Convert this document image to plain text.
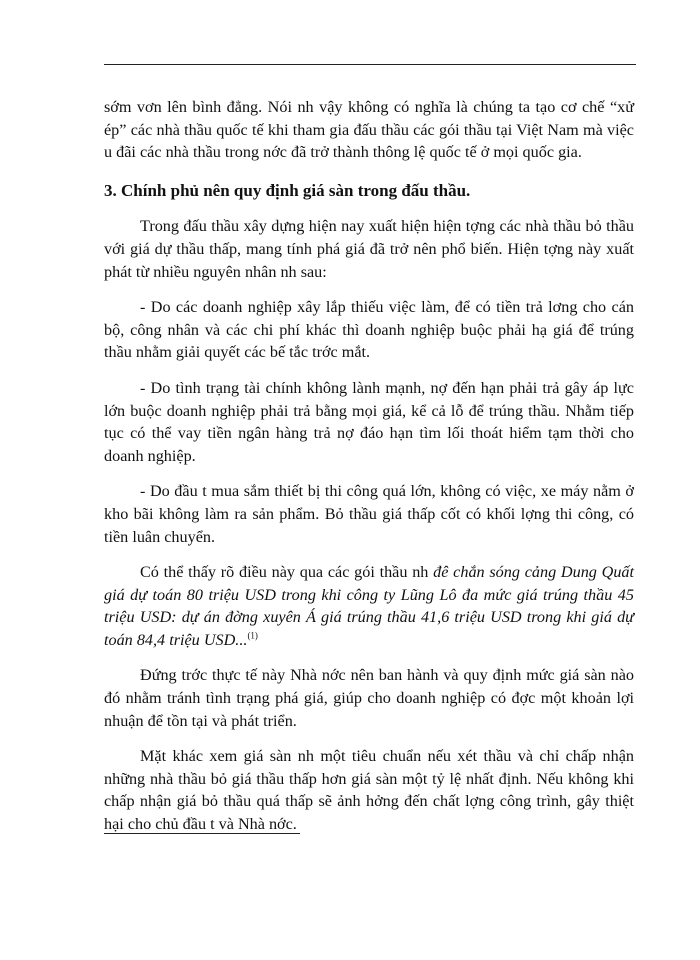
sớm vơn lên bình đẳng. Nói nh vậy không có nghĩa là chúng ta tạo cơ chế “xử ép” các nhà thầu quốc tế khi tham gia đấu thầu các gói thầu tại Việt Nam mà việc u đãi các nhà thầu trong nớc đã trở thành thông lệ quốc tế ở mọi quốc gia.

3. Chính phủ nên quy định giá sàn trong đấu thầu.

Trong đấu thầu xây dựng hiện nay xuất hiện hiện tợng các nhà thầu bỏ thầu với giá dự thầu thấp, mang tính phá giá đã trở nên phổ biến. Hiện tợng này xuất phát từ nhiều nguyên nhân nh sau:

- Do các doanh nghiệp xây lắp thiếu việc làm, để có tiền trả lơng cho cán bộ, công nhân và các chi phí khác thì doanh nghiệp buộc phải hạ giá để trúng thầu nhằm giải quyết các bế tắc trớc mắt.

- Do tình trạng tài chính không lành mạnh, nợ đến hạn phải trả gây áp lực lớn buộc doanh nghiệp phải trả bằng mọi giá, kể cả lỗ để trúng thầu. Nhằm tiếp tục có thể vay tiền ngân hàng trả nợ đáo hạn tìm lối thoát hiểm tạm thời cho doanh nghiệp.

- Do đầu t mua sắm thiết bị thi công quá lớn, không có việc, xe máy nằm ở kho bãi không làm ra sản phẩm. Bỏ thầu giá thấp cốt có khối lợng thi công, có tiền luân chuyển.

Có thể thấy rõ điều này qua các gói thầu nh đê chắn sóng cảng Dung Quất giá dự toán 80 triệu USD trong khi công ty Lũng Lô đa mức giá trúng thầu 45 triệu USD: dự án đờng xuyên Á giá trúng thầu 41,6 triệu USD trong khi giá dự toán 84,4 triệu USD...$^{(1)}$

Đứng trớc thực tế này Nhà nớc nên ban hành và quy định mức giá sàn nào đó nhằm tránh tình trạng phá giá, giúp cho doanh nghiệp có đợc một khoản lợi nhuận để tồn tại và phát triển.

Mặt khác xem giá sàn nh một tiêu chuẩn nếu xét thầu và chỉ chấp nhận những nhà thầu bỏ giá thầu thấp hơn giá sàn một tỷ lệ nhất định. Nếu không khi chấp nhận giá bỏ thầu quá thấp sẽ ảnh hởng đến chất lợng công trình, gây thiệt hại cho chủ đầu t và Nhà nớc.
